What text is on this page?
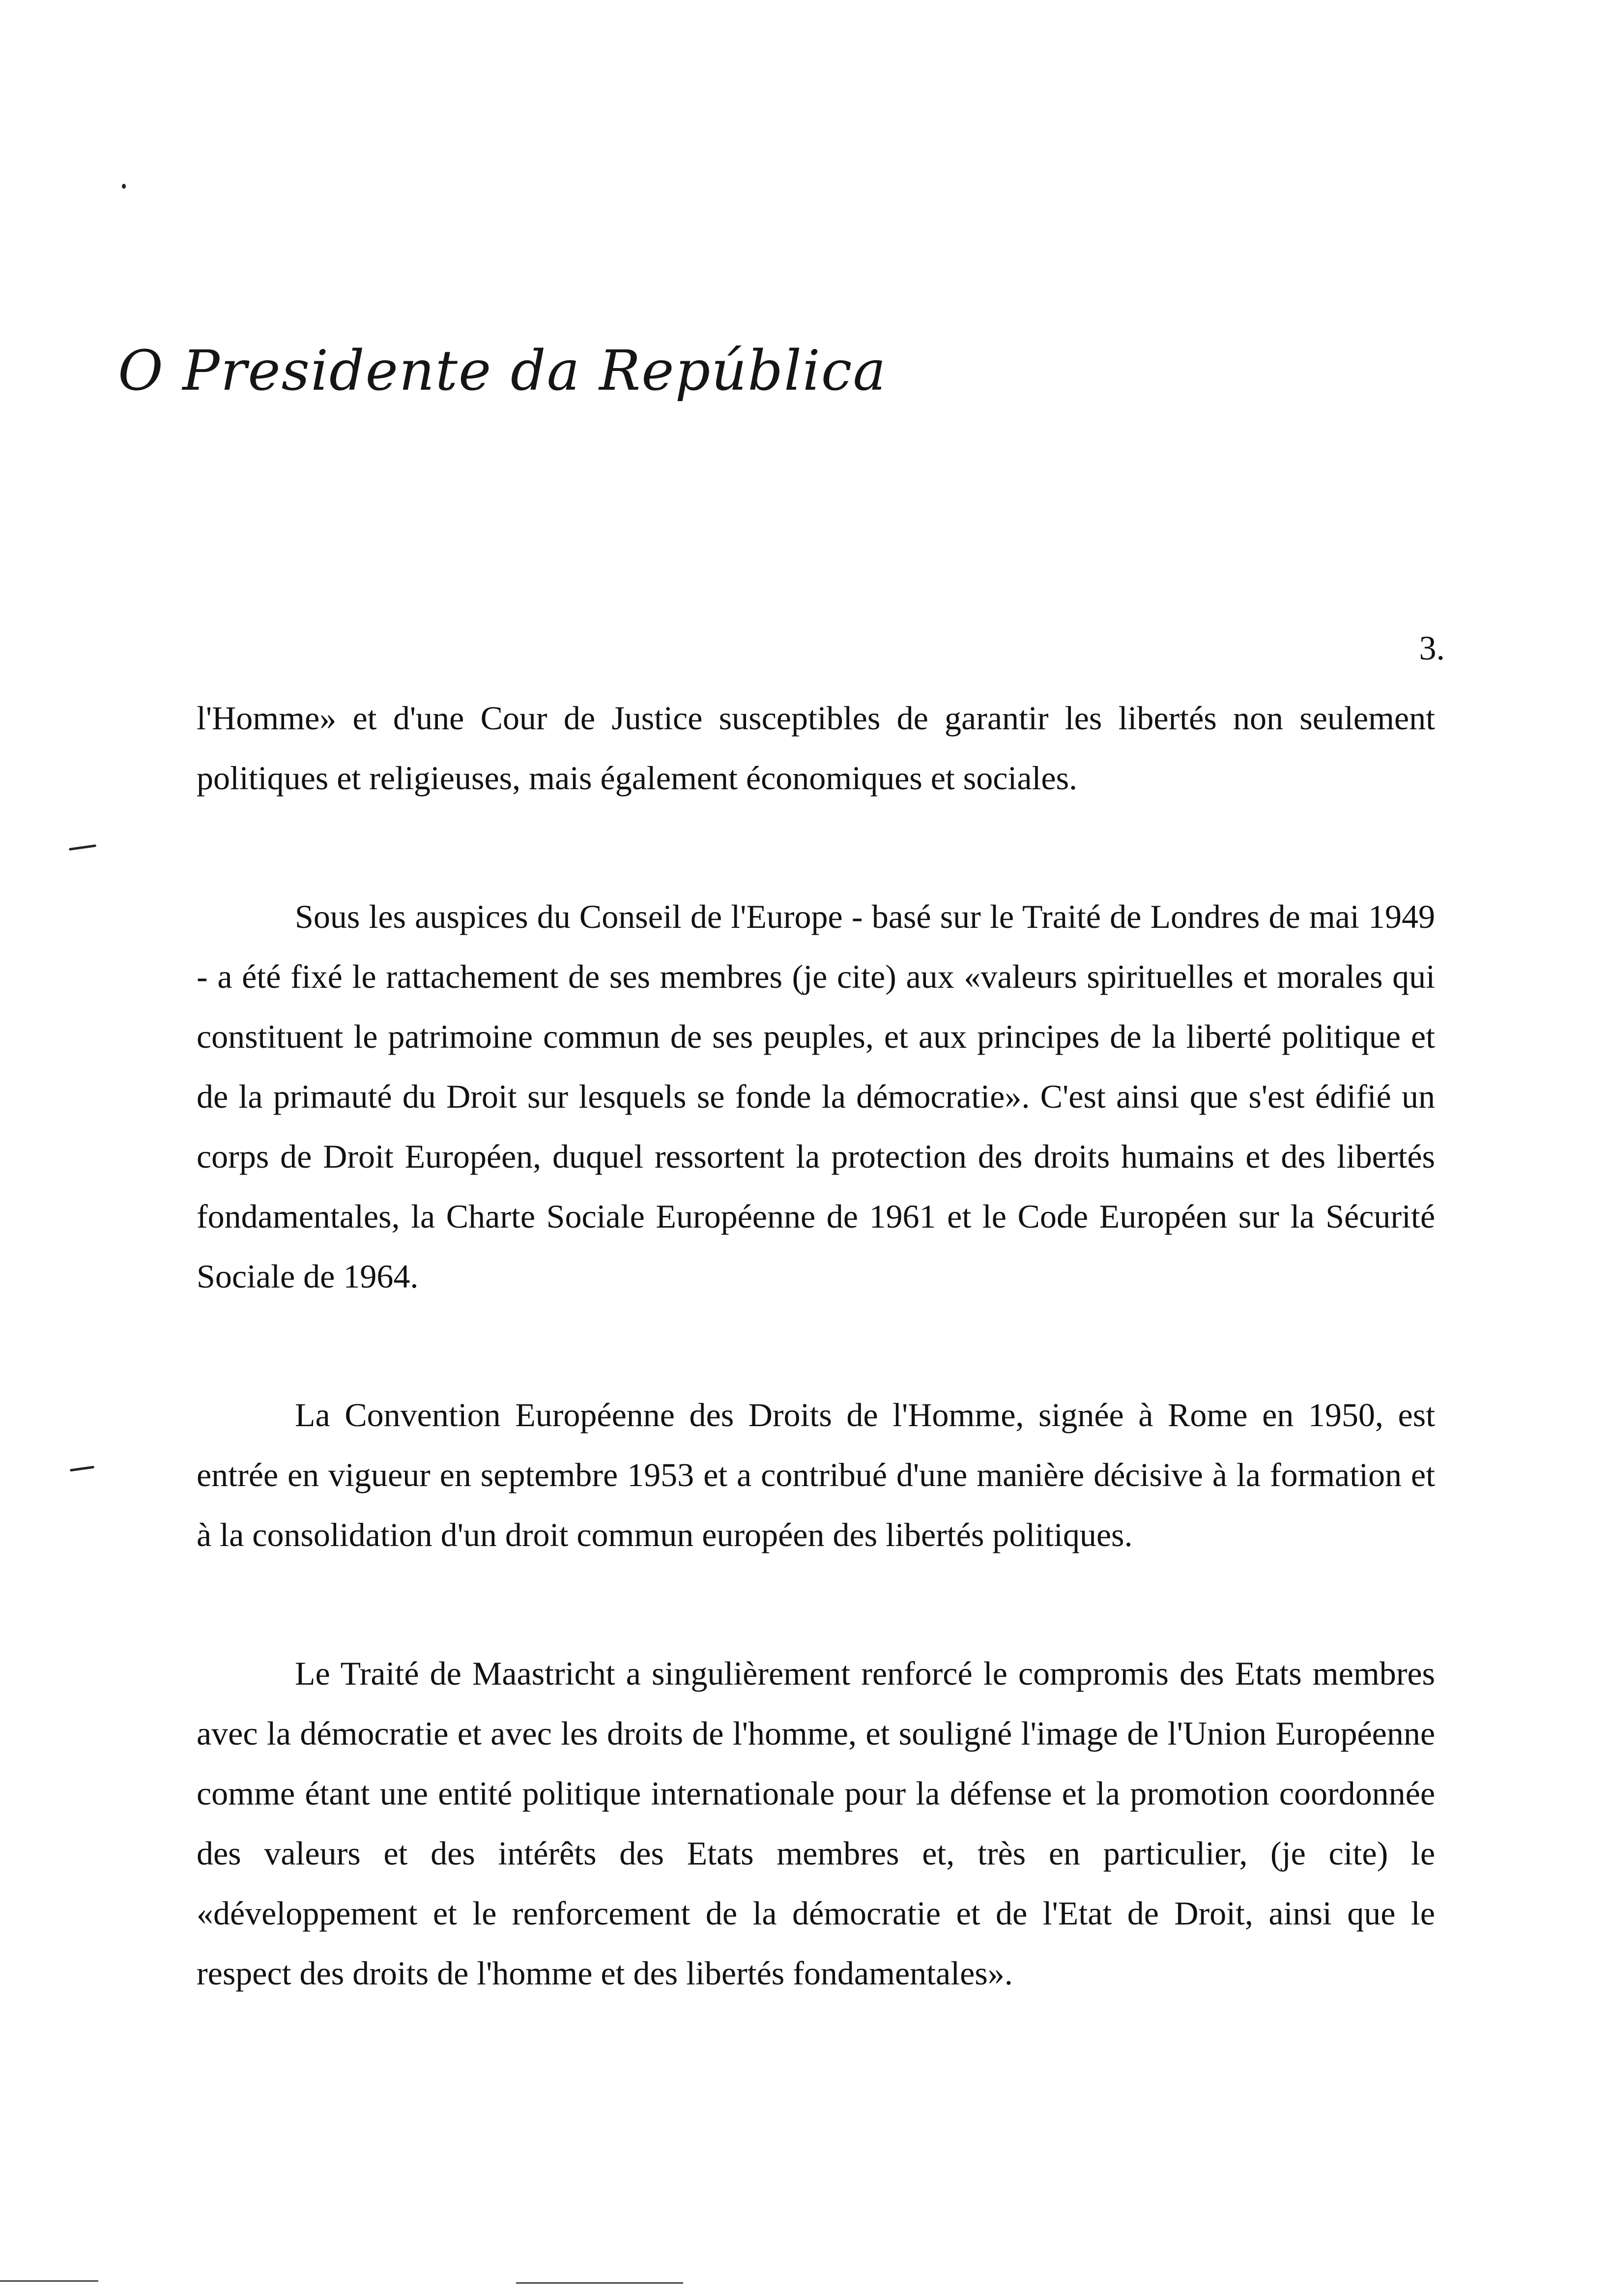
O Presidente da República
3.

l'Homme» et d'une Cour de Justice susceptibles de garantir les libertés non seulement politiques et religieuses, mais également économiques et sociales.

Sous les auspices du Conseil de l'Europe - basé sur le Traité de Londres de mai 1949 - a été fixé le rattachement de ses membres (je cite) aux «valeurs spirituelles et morales qui constituent le patrimoine commun de ses peuples, et aux principes de la liberté politique et de la primauté du Droit sur lesquels se fonde la démocratie». C'est ainsi que s'est édifié un corps de Droit Européen, duquel ressortent la protection des droits humains et des libertés fondamentales, la Charte Sociale Européenne de 1961 et le Code Européen sur la Sécurité Sociale de 1964.

La Convention Européenne des Droits de l'Homme, signée à Rome en 1950, est entrée en vigueur en septembre 1953 et a contribué d'une manière décisive à la formation et à la consolidation d'un droit commun européen des libertés politiques.

Le Traité de Maastricht a singulièrement renforcé le compromis des Etats membres avec la démocratie et avec les droits de l'homme, et souligné l'image de l'Union Européenne comme étant une entité politique internationale pour la défense et la promotion coordonnée des valeurs et des intérêts des Etats membres et, très en particulier, (je cite) le «développement et le renforcement de la démocratie et de l'Etat de Droit, ainsi que le respect des droits de l'homme et des libertés fondamentales».
